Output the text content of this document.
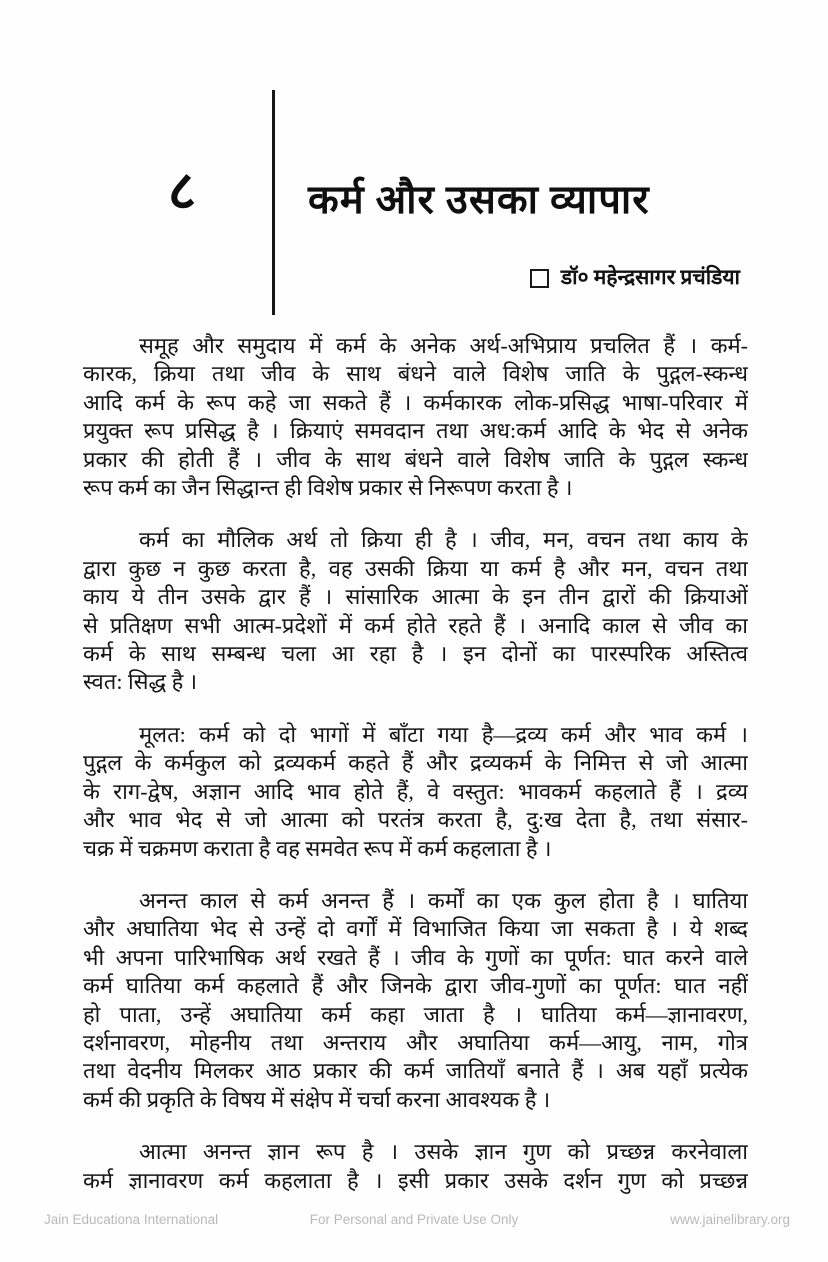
८	कर्म और उसका व्यापार
डॉ० महेन्द्रसागर प्रचंडिया
समूह और समुदाय में कर्म के अनेक अर्थ-अभिप्राय प्रचलित हैं । कर्म-
कारक, क्रिया तथा जीव के साथ बंधने वाले विशेष जाति के पुद्गल-स्कन्ध
आदि कर्म के रूप कहे जा सकते हैं । कर्मकारक लोक-प्रसिद्ध भाषा-परिवार में
प्रयुक्त रूप प्रसिद्ध है । क्रियाएं समवदान तथा अध:कर्म आदि के भेद से अनेक
प्रकार की होती हैं । जीव के साथ बंधने वाले विशेष जाति के पुद्गल स्कन्ध
रूप कर्म का जैन सिद्धान्त ही विशेष प्रकार से निरूपण करता है ।
कर्म का मौलिक अर्थ तो क्रिया ही है । जीव, मन, वचन तथा काय के
द्वारा कुछ न कुछ करता है, वह उसकी क्रिया या कर्म है और मन, वचन तथा
काय ये तीन उसके द्वार हैं । सांसारिक आत्मा के इन तीन द्वारों की क्रियाओं
से प्रतिक्षण सभी आत्म-प्रदेशों में कर्म होते रहते हैं । अनादि काल से जीव का
कर्म के साथ सम्बन्ध चला आ रहा है । इन दोनों का पारस्परिक अस्तित्व
स्वत: सिद्ध है ।
मूलत: कर्म को दो भागों में बाँटा गया है—द्रव्य कर्म और भाव कर्म ।
पुद्गल के कर्मकुल को द्रव्यकर्म कहते हैं और द्रव्यकर्म के निमित्त से जो आत्मा
के राग-द्वेष, अज्ञान आदि भाव होते हैं, वे वस्तुत: भावकर्म कहलाते हैं । द्रव्य
और भाव भेद से जो आत्मा को परतंत्र करता है, दु:ख देता है, तथा संसार-
चक्र में चक्रमण कराता है वह समवेत रूप में कर्म कहलाता है ।
अनन्त काल से कर्म अनन्त हैं । कर्मों का एक कुल होता है । घातिया
और अघातिया भेद से उन्हें दो वर्गों में विभाजित किया जा सकता है । ये शब्द
भी अपना पारिभाषिक अर्थ रखते हैं । जीव के गुणों का पूर्णत: घात करने वाले
कर्म घातिया कर्म कहलाते हैं और जिनके द्वारा जीव-गुणों का पूर्णत: घात नहीं
हो पाता, उन्हें अघातिया कर्म कहा जाता है । घातिया कर्म—ज्ञानावरण,
दर्शनावरण, मोहनीय तथा अन्तराय और अघातिया कर्म—आयु, नाम, गोत्र
तथा वेदनीय मिलकर आठ प्रकार की कर्म जातियाँ बनाते हैं । अब यहाँ प्रत्येक
कर्म की प्रकृति के विषय में संक्षेप में चर्चा करना आवश्यक है ।
आत्मा अनन्त ज्ञान रूप है । उसके ज्ञान गुण को प्रच्छन्न करनेवाला
कर्म ज्ञानावरण कर्म कहलाता है । इसी प्रकार उसके दर्शन गुण को प्रच्छन्न
Jain Educationa International	For Personal and Private Use Only	www.jainelibrary.org
